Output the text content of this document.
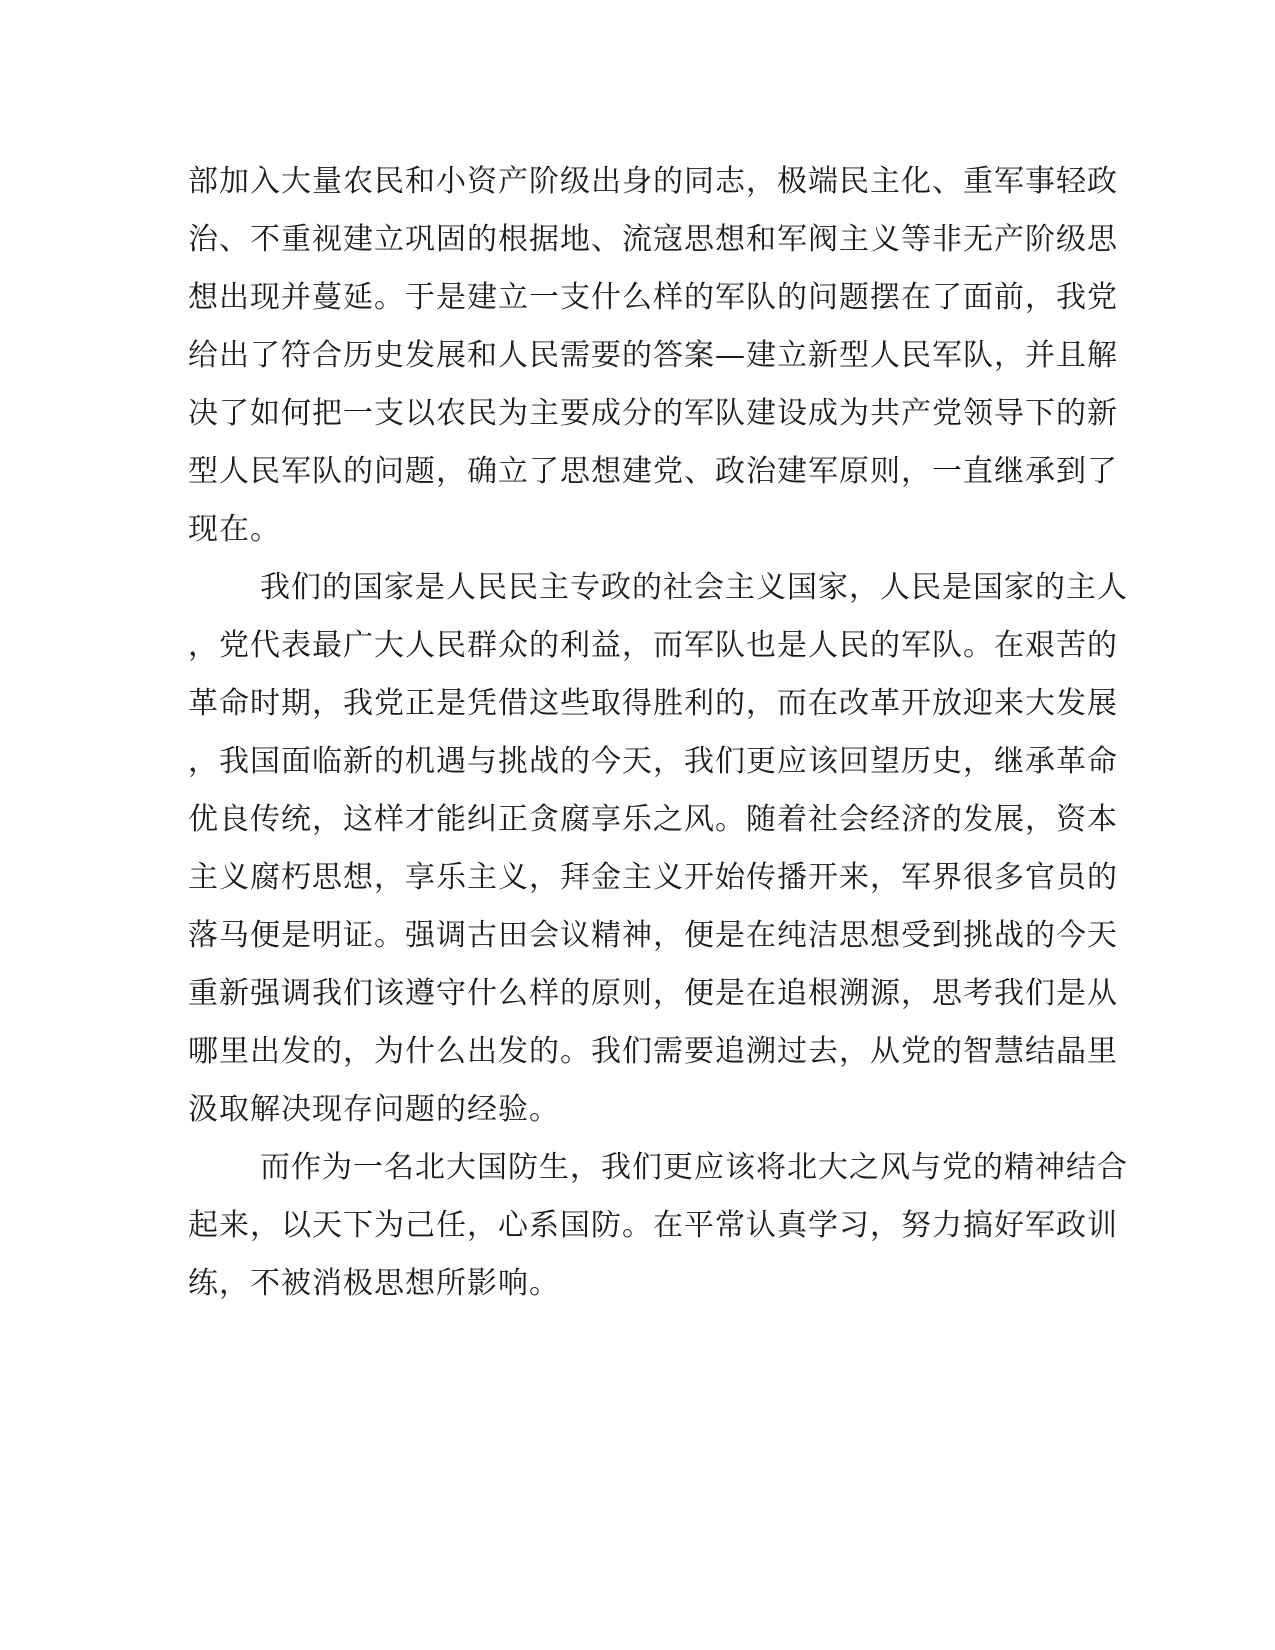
部加入大量农民和小资产阶级出身的同志，极端民主化、重军事轻政
治、不重视建立巩固的根据地、流寇思想和军阀主义等非无产阶级思
想出现并蔓延。于是建立一支什么样的军队的问题摆在了面前，我党
给出了符合历史发展和人民需要的答案—建立新型人民军队，并且解
决了如何把一支以农民为主要成分的军队建设成为共产党领导下的新
型人民军队的问题，确立了思想建党、政治建军原则，一直继承到了
现在。
我们的国家是人民民主专政的社会主义国家，人民是国家的主人
，党代表最广大人民群众的利益，而军队也是人民的军队。在艰苦的
革命时期，我党正是凭借这些取得胜利的，而在改革开放迎来大发展
，我国面临新的机遇与挑战的今天，我们更应该回望历史，继承革命
优良传统，这样才能纠正贪腐享乐之风。随着社会经济的发展，资本
主义腐朽思想，享乐主义，拜金主义开始传播开来，军界很多官员的
落马便是明证。强调古田会议精神，便是在纯洁思想受到挑战的今天
重新强调我们该遵守什么样的原则，便是在追根溯源，思考我们是从
哪里出发的，为什么出发的。我们需要追溯过去，从党的智慧结晶里
汲取解决现存问题的经验。
而作为一名北大国防生，我们更应该将北大之风与党的精神结合
起来，以天下为己任，心系国防。在平常认真学习，努力搞好军政训
练，不被消极思想所影响。
